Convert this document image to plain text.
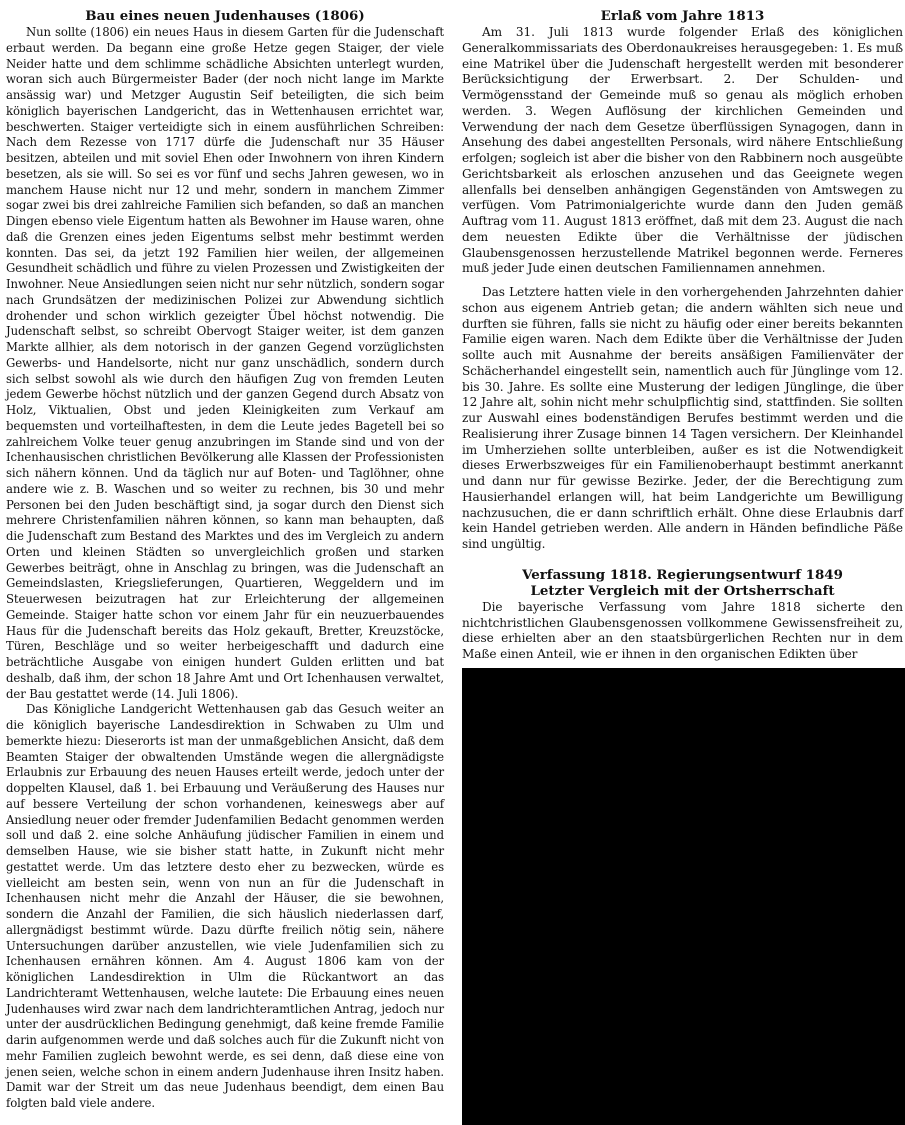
Bau eines neuen Judenhauses (1806)

Nun sollte (1806) ein neues Haus in diesem Garten für die Judenschaft erbaut werden. Da begann eine große Hetze gegen Staiger, der viele Neider hatte und dem schlimme schädliche Absichten unterlegt wurden, woran sich auch Bürgermeister Bader (der noch nicht lange im Markte ansässig war) und Metzger Augustin Seif beteiligten, die sich beim königlich bayerischen Landgericht, das in Wettenhausen errichtet war, beschwerten. Staiger verteidigte sich in einem ausführlichen Schreiben: Nach dem Rezesse von 1717 dürfe die Judenschaft nur 35 Häuser besitzen, abteilen und mit soviel Ehen oder Inwohnern von ihren Kindern besetzen, als sie will. So sei es vor fünf und sechs Jahren gewesen, wo in manchem Hause nicht nur 12 und mehr, sondern in manchem Zimmer sogar zwei bis drei zahlreiche Familien sich befanden, so daß an manchen Dingen ebenso viele Eigentum hatten als Bewohner im Hause waren, ohne daß die Grenzen eines jeden Eigentums selbst mehr bestimmt werden konnten. Das sei, da jetzt 192 Familien hier weilen, der allgemeinen Gesundheit schädlich und führe zu vielen Prozessen und Zwistigkeiten der Inwohner. Neue Ansiedlungen seien nicht nur sehr nützlich, sondern sogar nach Grundsätzen der medizinischen Polizei zur Abwendung sichtlich drohender und schon wirklich gezeigter Übel höchst notwendig. Die Judenschaft selbst, so schreibt Obervogt Staiger weiter, ist dem ganzen Markte allhier, als dem notorisch in der ganzen Gegend vorzüglichsten Gewerbs- und Handelsorte, nicht nur ganz unschädlich, sondern durch sich selbst sowohl als wie durch den häufigen Zug von fremden Leuten jedem Gewerbe höchst nützlich und der ganzen Gegend durch Absatz von Holz, Viktualien, Obst und jeden Kleinigkeiten zum Verkauf am bequemsten und vorteilhaftesten, in dem die Leute jedes Bagetell bei so zahlreichem Volke teuer genug anzubringen im Stande sind und von der Ichenhausischen christlichen Bevölkerung alle Klassen der Professionisten sich nähern können. Und da täglich nur auf Boten- und Taglöhner, ohne andere wie z. B. Waschen und so weiter zu rechnen, bis 30 und mehr Personen bei den Juden beschäftigt sind, ja sogar durch den Dienst sich mehrere Christenfamilien nähren können, so kann man behaupten, daß die Judenschaft zum Bestand des Marktes und des im Vergleich zu andern Orten und kleinen Städten so unvergleichlich großen und starken Gewerbes beiträgt, ohne in Anschlag zu bringen, was die Judenschaft an Gemeindslasten, Kriegslieferungen, Quartieren, Weggeldern und im Steuerwesen beizutragen hat zur Erleichterung der allgemeinen Gemeinde. Staiger hatte schon vor einem Jahr für ein neuzuerbauendes Haus für die Judenschaft bereits das Holz gekauft, Bretter, Kreuzstöcke, Türen, Beschläge und so weiter herbeigeschafft und dadurch eine beträchtliche Ausgabe von einigen hundert Gulden erlitten und bat deshalb, daß ihm, der schon 18 Jahre Amt und Ort Ichenhausen verwaltet, der Bau gestattet werde (14. Juli 1806).

Das Königliche Landgericht Wettenhausen gab das Gesuch weiter an die königlich bayerische Landesdirektion in Schwaben zu Ulm und bemerkte hiezu: Dieserorts ist man der unmaßgeblichen Ansicht, daß dem Beamten Staiger der obwaltenden Umstände wegen die allergnädigste Erlaubnis zur Erbauung des neuen Hauses erteilt werde, jedoch unter der doppelten Klausel, daß 1. bei Erbauung und Veräußerung des Hauses nur auf bessere Verteilung der schon vorhandenen, keineswegs aber auf Ansiedlung neuer oder fremder Judenfamilien Bedacht genommen werden soll und daß 2. eine solche Anhäufung jüdischer Familien in einem und demselben Hause, wie sie bisher statt hatte, in Zukunft nicht mehr gestattet werde. Um das letztere desto eher zu bezwecken, würde es vielleicht am besten sein, wenn von nun an für die Judenschaft in Ichenhausen nicht mehr die Anzahl der Häuser, die sie bewohnen, sondern die Anzahl der Familien, die sich häuslich niederlassen darf, allergnädigst bestimmt würde. Dazu dürfte freilich nötig sein, nähere Untersuchungen darüber anzustellen, wie viele Judenfamilien sich zu Ichenhausen ernähren können. Am 4. August 1806 kam von der königlichen Landesdirektion in Ulm die Rückantwort an das Landrichteramt Wettenhausen, welche lautete: Die Erbauung eines neuen Judenhauses wird zwar nach dem landrichteramtlichen Antrag, jedoch nur unter der ausdrücklichen Bedingung genehmigt, daß keine fremde Familie darin aufgenommen werde und daß solches auch für die Zukunft nicht von mehr Familien zugleich bewohnt werde, es sei denn, daß diese eine von jenen seien, welche schon in einem andern Judenhause ihren Insitz haben. Damit war der Streit um das neue Judenhaus beendigt, dem einen Bau folgten bald viele andere.

Erlaß vom Jahre 1813

Am 31. Juli 1813 wurde folgender Erlaß des königlichen Generalkommissariats des Oberdonaukreises herausgegeben: 1. Es muß eine Matrikel über die Judenschaft hergestellt werden mit besonderer Berücksichtigung der Erwerbsart. 2. Der Schulden- und Vermögensstand der Gemeinde muß so genau als möglich erhoben werden. 3. Wegen Auflösung der kirchlichen Gemeinden und Verwendung der nach dem Gesetze überflüssigen Synagogen, dann in Ansehung des dabei angestellten Personals, wird nähere Entschließung erfolgen; sogleich ist aber die bisher von den Rabbinern noch ausgeübte Gerichtsbarkeit als erloschen anzusehen und das Geeignete wegen allenfalls bei denselben anhängigen Gegenständen von Amtswegen zu verfügen. Vom Patrimonialgerichte wurde dann den Juden gemäß Auftrag vom 11. August 1813 eröffnet, daß mit dem 23. August die nach dem neuesten Edikte über die Verhältnisse der jüdischen Glaubensgenossen herzustellende Matrikel begonnen werde. Ferneres muß jeder Jude einen deutschen Familiennamen annehmen.

Das Letztere hatten viele in den vorhergehenden Jahrzehnten dahier schon aus eigenem Antrieb getan; die andern wählten sich neue und durften sie führen, falls sie nicht zu häufig oder einer bereits bekannten Familie eigen waren. Nach dem Edikte über die Verhältnisse der Juden sollte auch mit Ausnahme der bereits ansäßigen Familienväter der Schächerhandel eingestellt sein, namentlich auch für Jünglinge vom 12. bis 30. Jahre. Es sollte eine Musterung der ledigen Jünglinge, die über 12 Jahre alt, sohin nicht mehr schulpflichtig sind, stattfinden. Sie sollten zur Auswahl eines bodenständigen Berufes bestimmt werden und die Realisierung ihrer Zusage binnen 14 Tagen versichern. Der Kleinhandel im Umherziehen sollte unterbleiben, außer es ist die Notwendigkeit dieses Erwerbszweiges für ein Familienoberhaupt bestimmt anerkannt und dann nur für gewisse Bezirke. Jeder, der die Berechtigung zum Hausierhandel erlangen will, hat beim Landgerichte um Bewilligung nachzusuchen, die er dann schriftlich erhält. Ohne diese Erlaubnis darf kein Handel getrieben werden. Alle andern in Händen befindliche Päße sind ungültig.

Verfassung 1818. Regierungsentwurf 1849
Letzter Vergleich mit der Ortsherrschaft

Die bayerische Verfassung vom Jahre 1818 sicherte den nichtchristlichen Glaubensgenossen vollkommene Gewissensfreiheit zu, diese erhielten aber an den staatsbürgerlichen Rechten nur in dem Maße einen Anteil, wie er ihnen in den organischen Edikten über
